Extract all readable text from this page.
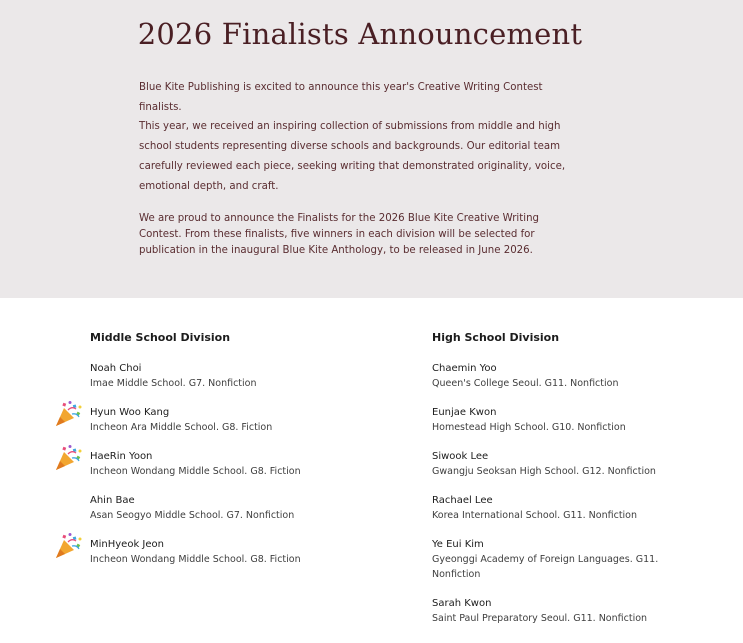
2026 Finalists Announcement

Blue Kite Publishing is excited to announce this year's Creative Writing Contest finalists.

This year, we received an inspiring collection of submissions from middle and high school students representing diverse schools and backgrounds. Our editorial team carefully reviewed each piece, seeking writing that demonstrated originality, voice, emotional depth, and craft.

We are proud to announce the Finalists for the 2026 Blue Kite Creative Writing Contest. From these finalists, five winners in each division will be selected for publication in the inaugural Blue Kite Anthology, to be released in June 2026.

Middle School Division
Noah Choi
Imae Middle School. G7. Nonfiction
Hyun Woo Kang
Incheon Ara Middle School. G8. Fiction
HaeRin Yoon
Incheon Wondang Middle School. G8. Fiction
Ahin Bae
Asan Seogyo Middle School. G7. Nonfiction
MinHyeok Jeon
Incheon Wondang Middle School. G8. Fiction
High School Division
Chaemin Yoo
Queen's College Seoul. G11. Nonfiction
Eunjae Kwon
Homestead High School. G10. Nonfiction
Siwook Lee
Gwangju Seoksan High School. G12. Nonfiction
Rachael Lee
Korea International School. G11. Nonfiction
Ye Eui Kim
Gyeonggi Academy of Foreign Languages. G11. Nonfiction
Sarah Kwon
Saint Paul Preparatory Seoul. G11. Nonfiction
